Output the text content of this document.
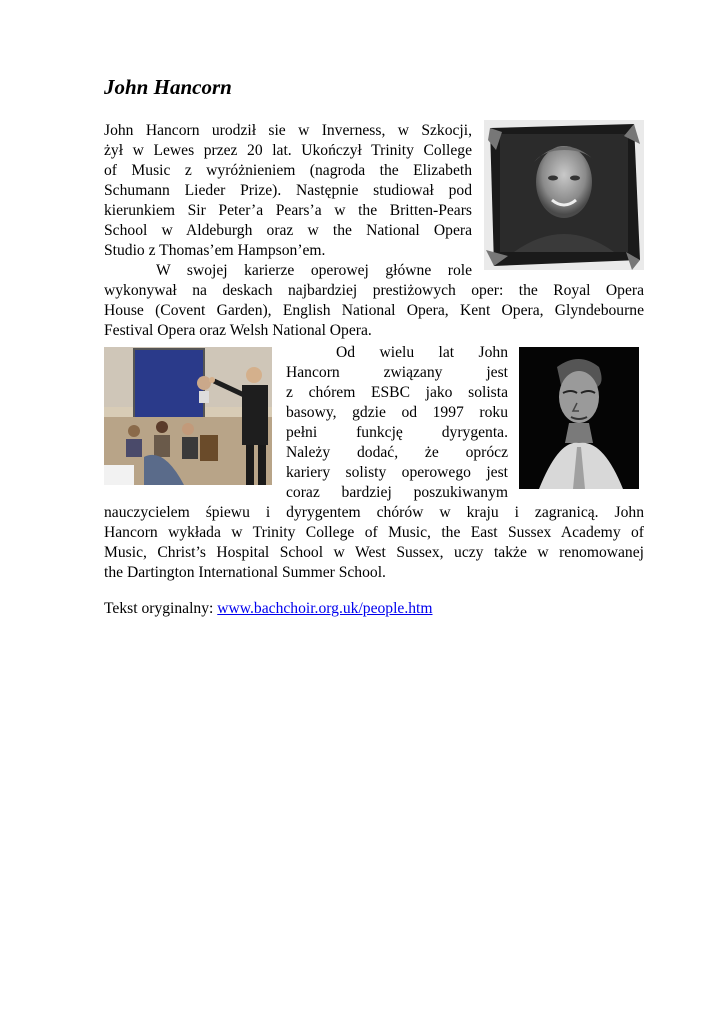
John Hancorn
John Hancorn urodził sie w Inverness, w Szkocji,
żył w Lewes przez 20 lat. Ukończył Trinity College
of Music z wyróżnieniem (nagroda the Elizabeth
Schumann Lieder Prize). Następnie studiował pod
kierunkiem Sir Peter’a Pears’a w the Britten-Pears
School w Aldeburgh oraz w the National Opera
Studio z Thomas’em Hampson’em.
W swojej karierze operowej główne role
wykonywał na deskach najbardziej prestiżowych oper: the Royal Opera
House (Covent Garden), English National Opera, Kent Opera, Glyndebourne
Festival Opera oraz Welsh National Opera.
Od wielu lat John
Hancorn związany jest
z chórem ESBC jako solista
basowy, gdzie od 1997 roku
pełni funkcję dyrygenta.
Należy dodać, że oprócz
kariery solisty operowego jest
coraz bardziej poszukiwanym
nauczycielem śpiewu i dyrygentem chórów w kraju i zagranicą. John
Hancorn wykłada w Trinity College of Music, the East Sussex Academy of
Music, Christ’s Hospital School w West Sussex, uczy także w renomowanej
the Dartington International Summer School.
Tekst oryginalny: www.bachchoir.org.uk/people.htm
